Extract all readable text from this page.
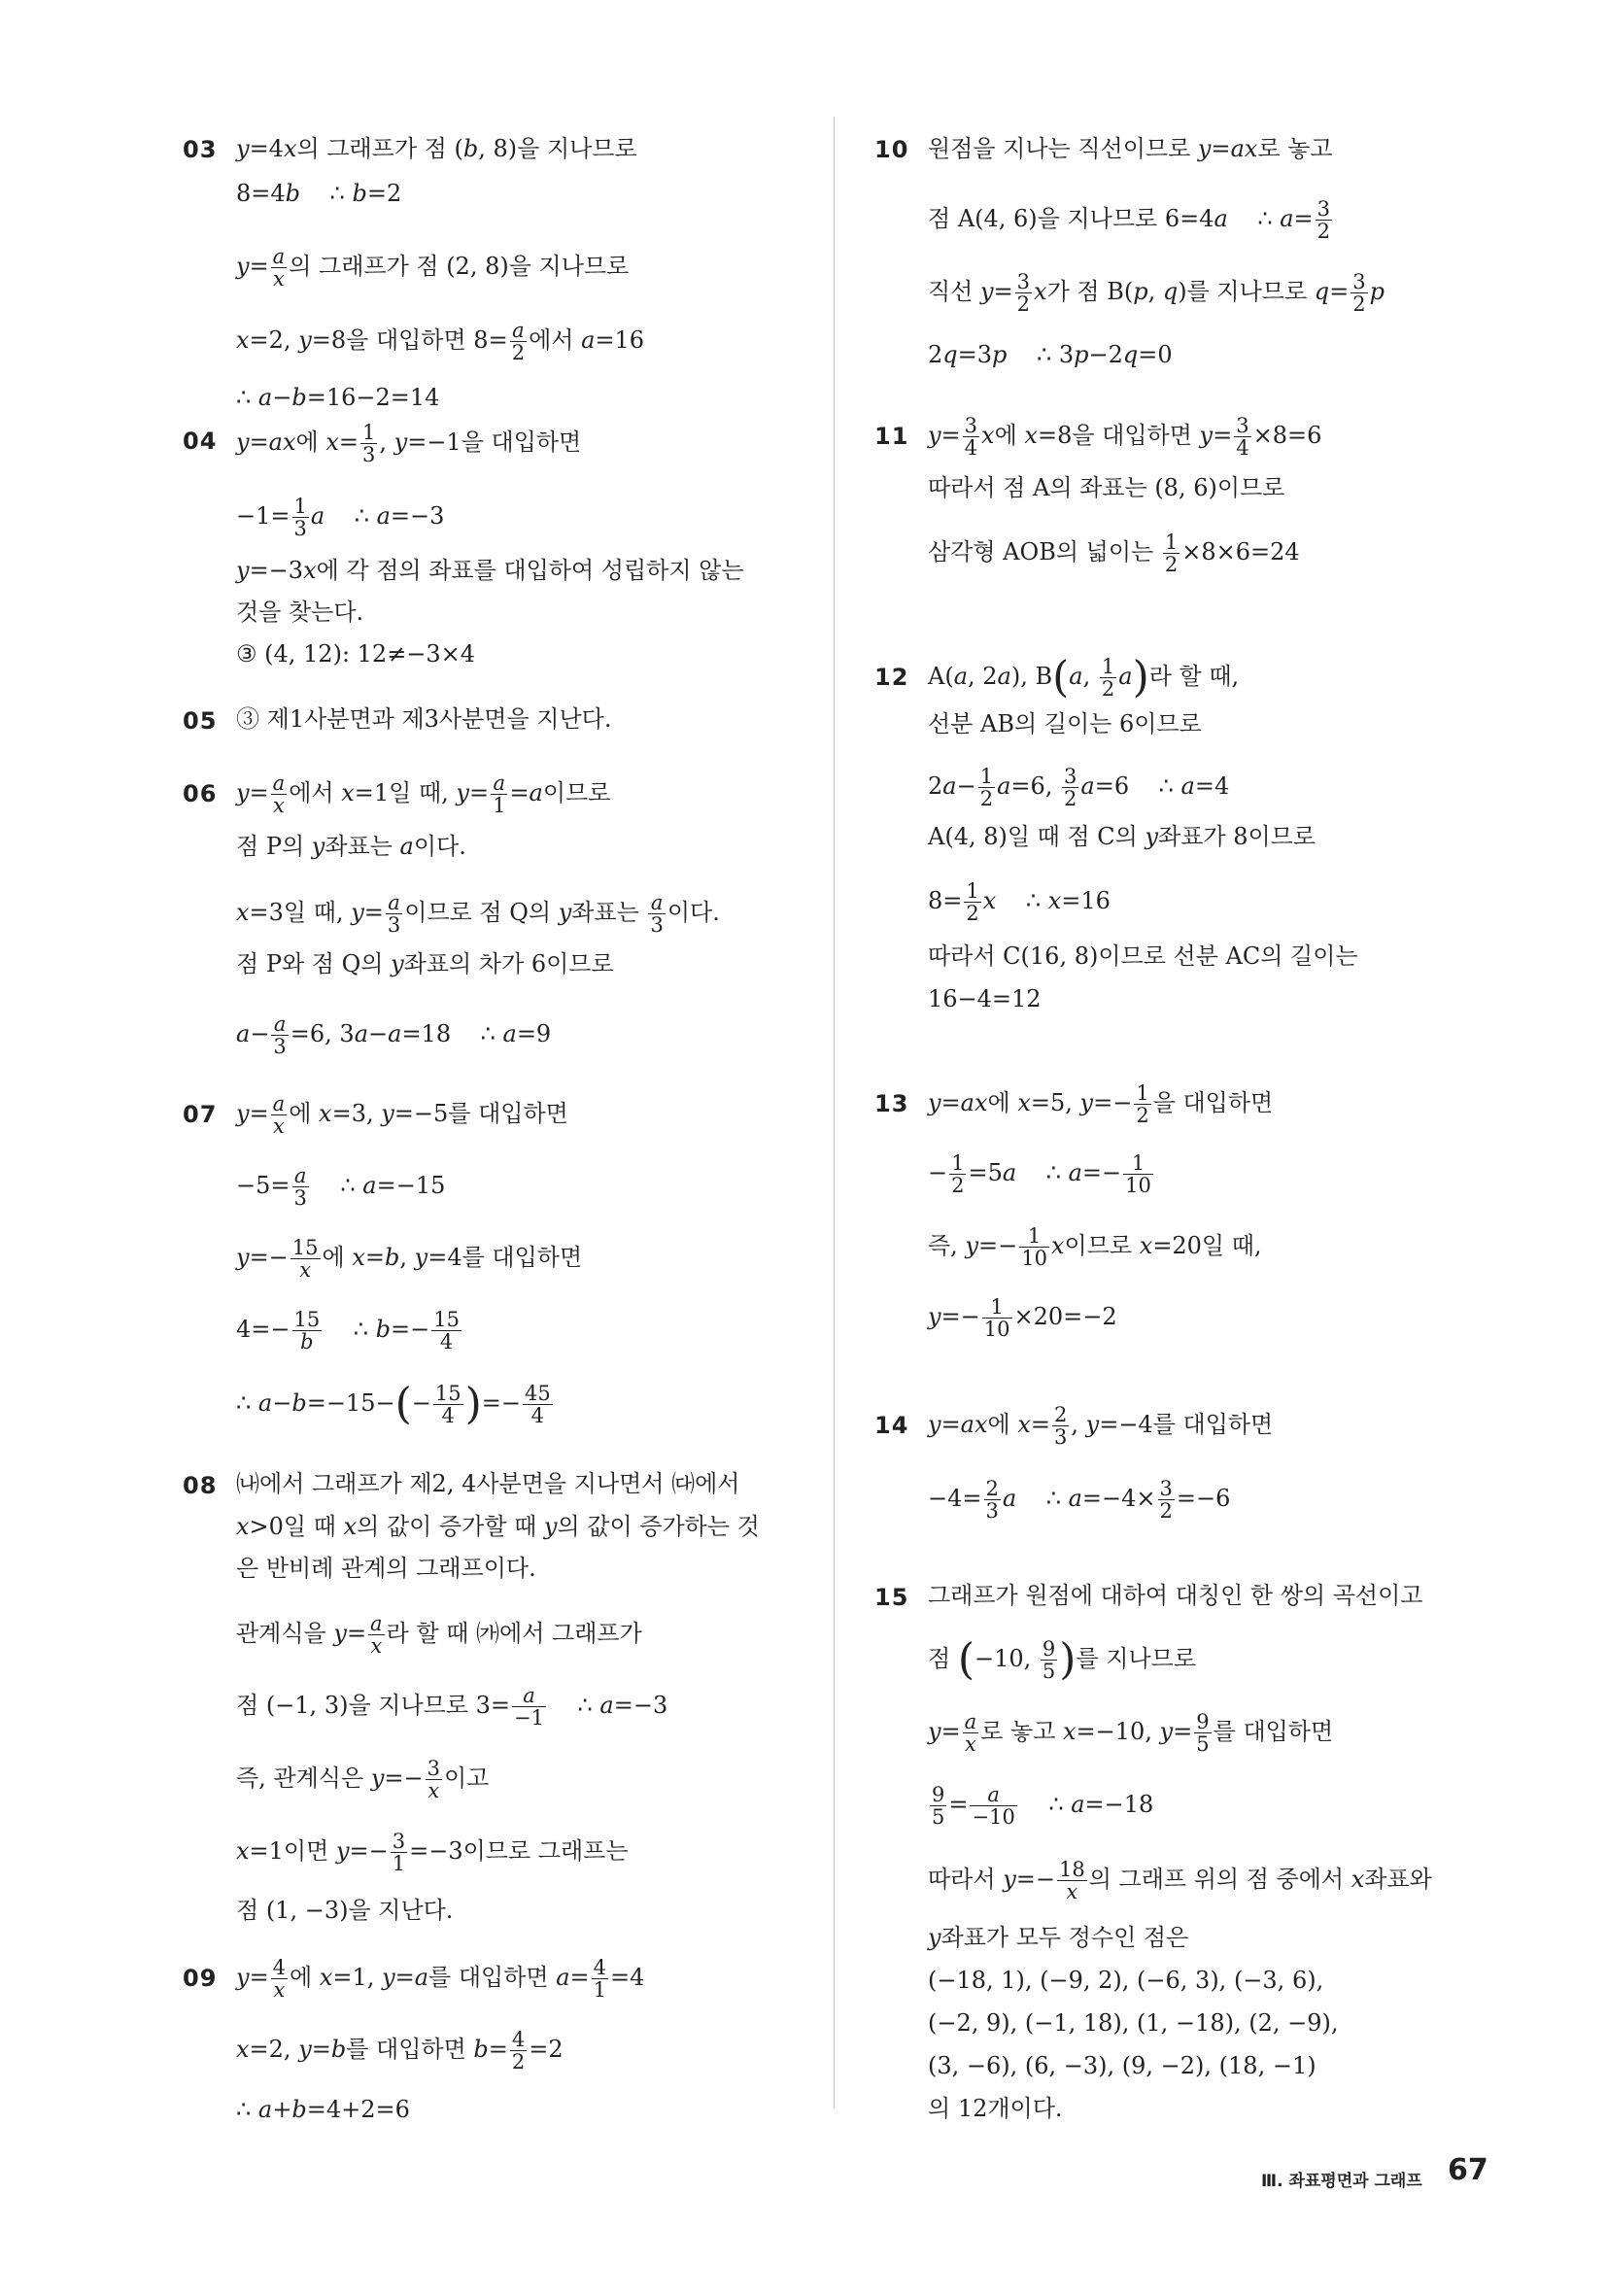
03 y=4x의 그래프가 점 (b, 8)을 지나므로
8=4b    ∴ b=2
$y= \frac{a}{x}$ 의 그래프가 점 (2, 8)을 지나므로
x=2, y=8을 대입하면 $8= \frac{a}{2}$ 에서 a=16
∴ a−b=16−2=14
04 y=ax에 $x= \frac{1}{3}$ , y=−1을 대입하면
$-1= \frac{1}{3}$ a    ∴ a=−3
y=−3x에 각 점의 좌표를 대입하여 성립하지 않는
것을 찾는다.
③ (4, 12): 12≠−3×4
05 ③ 제1사분면과 제3사분면을 지난다.
06 $y= \frac{a}{x}$ 에서 x=1일 때, $y= \frac{a}{1} =a$이므로
점 P의 y좌표는 a이다.
x=3일 때, $y= \frac{a}{3}$ 이므로 점 Q의 y좌표는 $\frac{a}{3}$ 이다.
점 P와 점 Q의 y좌표의 차가 6이므로
$a- \frac{a}{3} =6$, 3a−a=18    ∴ a=9
07 $y= \frac{a}{x}$ 에 x=3, y=−5를 대입하면
$-5= \frac{a}{3}$ ∴ a=−15
$y=- \frac{15}{x}$ 에 x=b, y=4를 대입하면
$4=- \frac{15}{b}$ ∴ $b=- \frac{15}{4}$
∴ $a-b=-15-(- \frac{15}{4}$ )=− $\frac{45}{4}$
08 ㈏에서 그래프가 제2, 4사분면을 지나면서 ㈐에서
x>0일 때 x의 값이 증가할 때 y의 값이 증가하는 것
은 반비례 관계의 그래프이다.
관계식을 $y= \frac{a}{x}$ 라 할 때 ㈎에서 그래프가
점 (−1, 3)을 지나므로 $3= \frac{a}{-1}$ ∴ a=−3
즉, 관계식은 $y=- \frac{3}{x}$ 이고
x=1이면 $y=- \frac{3}{1} =-3$이므로 그래프는
점 (1, −3)을 지난다.
09 $y= \frac{4}{x}$ 에 x=1, y=a를 대입하면 $a= \frac{4}{1} =4$
x=2, y=b를 대입하면 $b= \frac{4}{2} =2$
∴ a+b=4+2=6
10 원점을 지나는 직선이므로 y=ax로 놓고
점 A(4, 6)을 지나므로 6=4a    ∴ $a= \frac{3}{2}$
직선 $y= \frac{3}{2}$ x가 점 B(p, q)를 지나므로 $q= \frac{3}{2}$ p
2q=3p    ∴ 3p−2q=0
11 $y= \frac{3}{4}$ x에 x=8을 대입하면 $y= \frac{3}{4} \times 8=6$
따라서 점 A의 좌표는 (8, 6)이므로
삼각형 AOB의 넓이는 $\frac{1}{2} \times 8\times 6=24$
12 A(a, 2a), B(a, $\frac{1}{2} a$)라 할 때,
선분 AB의 길이는 6이므로
$2a- \frac{1}{2} a=6$, $\frac{3}{2} a=6$    ∴ a=4
A(4, 8)일 때 점 C의 y좌표가 8이므로
$8= \frac{1}{2}$ x    ∴ x=16
따라서 C(16, 8)이므로 선분 AC의 길이는
16−4=12
13 y=ax에 x=5, $y=- \frac{1}{2}$ 을 대입하면
− $\frac{1}{2} =5a$    ∴ $a=- \frac{1}{10}$
즉, $y=- \frac{1}{10}$ x이므로 x=20일 때,
$y=- \frac{1}{10} \times 20=-2$
14 y=ax에 $x= \frac{2}{3}$ , y=−4를 대입하면
$-4= \frac{2}{3}$ a    ∴ $a=-4\times \frac{3}{2} =-6$
15 그래프가 원점에 대하여 대칭인 한 쌍의 곡선이고
점 (−10, $\frac{9}{5}$ )를 지나므로
$y= \frac{a}{x}$ 로 놓고 x=−10, $y= \frac{9}{5}$ 를 대입하면
$\frac{9}{5} = \frac{a}{-10}$ ∴ a=−18
따라서 $y=- \frac{18}{x}$ 의 그래프 위의 점 중에서 x좌표와
y좌표가 모두 정수인 점은
(−18, 1), (−9, 2), (−6, 3), (−3, 6),
(−2, 9), (−1, 18), (1, −18), (2, −9),
(3, −6), (6, −3), (9, −2), (18, −1)
의 12개이다.
Ⅲ. 좌표평면과 그래프 67
